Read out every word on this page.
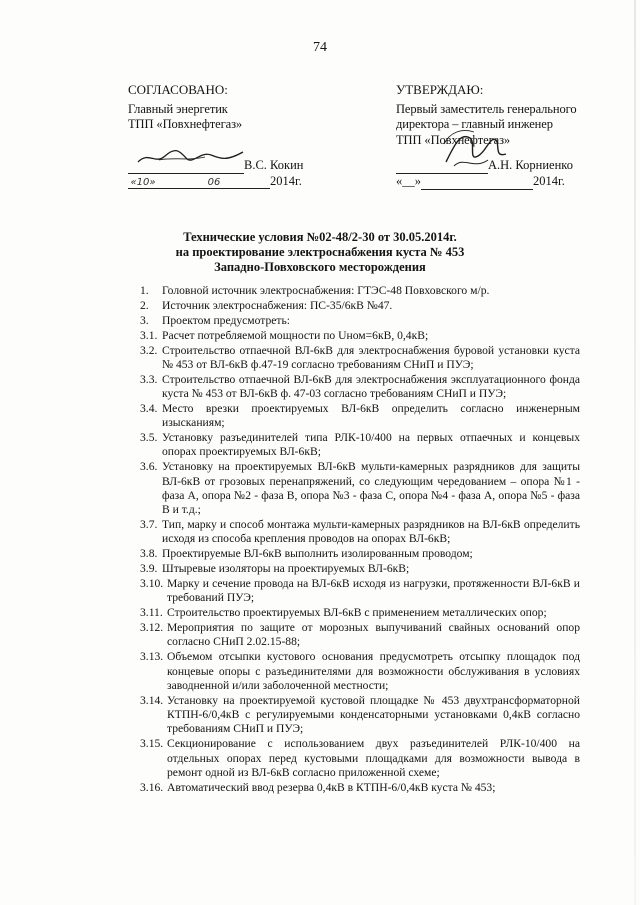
74
СОГЛАСОВАНО:
Главный энергетик
ТПП «Повхнефтегаз»
В.С. Кокин
«10»	06	2014г.
УТВЕРЖДАЮ:
Первый заместитель генерального
директора – главный инженер
ТПП «Повхнефтегаз»
А.Н. Корниенко
«__»	2014г.
Технические условия №02-48/2-30 от 30.05.2014г.
на проектирование электроснабжения куста № 453
Западно-Повховского месторождения
1.	Головной источник электроснабжения: ГТЭС-48 Повховского м/р.
2.	Источник электроснабжения: ПС-35/6кВ №47.
3.	Проектом предусмотреть:
3.1. Расчет потребляемой мощности по Uном=6кВ, 0,4кВ;
3.2. Строительство отпаечной ВЛ-6кВ для электроснабжения буровой установки куста № 453 от ВЛ-6кВ ф.47-19 согласно требованиям СНиП и ПУЭ;
3.3. Строительство отпаечной ВЛ-6кВ для электроснабжения эксплуатационного фонда куста № 453 от ВЛ-6кВ ф. 47-03 согласно требованиям СНиП и ПУЭ;
3.4. Место врезки проектируемых ВЛ-6кВ определить согласно инженерным изысканиям;
3.5. Установку разъединителей типа РЛК-10/400 на первых отпаечных и концевых опорах проектируемых ВЛ-6кВ;
3.6. Установку на проектируемых ВЛ-6кВ мульти-камерных разрядников для защиты ВЛ-6кВ от грозовых перенапряжений, со следующим чередованием – опора №1 - фаза А, опора №2 - фаза В, опора №3 - фаза С, опора №4 - фаза А, опора №5 - фаза В и т.д.;
3.7. Тип, марку и способ монтажа мульти-камерных разрядников на ВЛ-6кВ определить исходя из способа крепления проводов на опорах ВЛ-6кВ;
3.8. Проектируемые ВЛ-6кВ выполнить изолированным проводом;
3.9. Штыревые изоляторы на проектируемых ВЛ-6кВ;
3.10. Марку и сечение провода на ВЛ-6кВ исходя из нагрузки, протяженности ВЛ-6кВ и требований ПУЭ;
3.11. Строительство проектируемых ВЛ-6кВ с применением металлических опор;
3.12. Мероприятия по защите от морозных выпучиваний свайных оснований опор согласно СНиП 2.02.15-88;
3.13. Объемом отсыпки кустового основания предусмотреть отсыпку площадок под концевые опоры с разъединителями для возможности обслуживания в условиях заводненной и/или заболоченной местности;
3.14. Установку на проектируемой кустовой площадке № 453 двухтрансформаторной КТПН-6/0,4кВ с регулируемыми конденсаторными установками 0,4кВ согласно требованиям СНиП и ПУЭ;
3.15. Секционирование с использованием двух разъединителей РЛК-10/400 на отдельных опорах перед кустовыми площадками для возможности вывода в ремонт одной из ВЛ-6кВ согласно приложенной схеме;
3.16. Автоматический ввод резерва 0,4кВ в КТПН-6/0,4кВ куста № 453;
